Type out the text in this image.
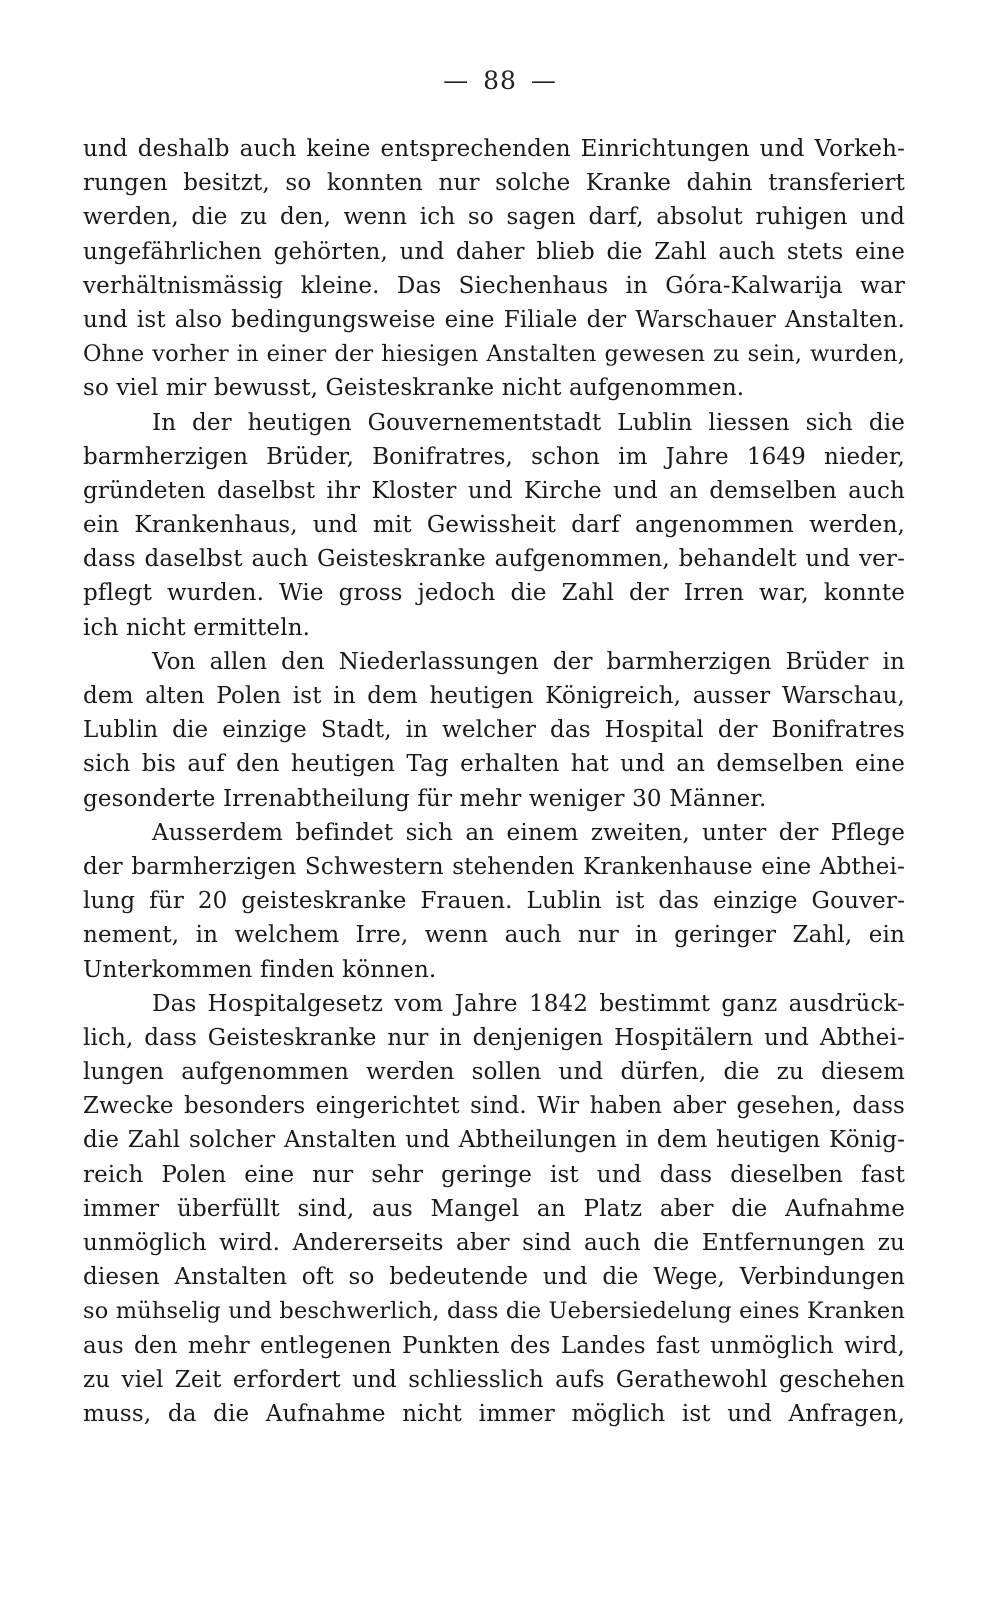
— 88 —
und deshalb auch keine entsprechenden Einrichtungen und Vorkeh-
rungen besitzt, so konnten nur solche Kranke dahin transferiert
werden, die zu den, wenn ich so sagen darf, absolut ruhigen und
ungefährlichen gehörten, und daher blieb die Zahl auch stets eine
verhältnismässig kleine. Das Siechenhaus in Góra-Kalwarija war
und ist also bedingungsweise eine Filiale der Warschauer Anstalten.
Ohne vorher in einer der hiesigen Anstalten gewesen zu sein, wurden,
so viel mir bewusst, Geisteskranke nicht aufgenommen.
In der heutigen Gouvernementstadt Lublin liessen sich die
barmherzigen Brüder, Bonifratres, schon im Jahre 1649 nieder,
gründeten daselbst ihr Kloster und Kirche und an demselben auch
ein Krankenhaus, und mit Gewissheit darf angenommen werden,
dass daselbst auch Geisteskranke aufgenommen, behandelt und ver-
pflegt wurden. Wie gross jedoch die Zahl der Irren war, konnte
ich nicht ermitteln.
Von allen den Niederlassungen der barmherzigen Brüder in
dem alten Polen ist in dem heutigen Königreich, ausser Warschau,
Lublin die einzige Stadt, in welcher das Hospital der Bonifratres
sich bis auf den heutigen Tag erhalten hat und an demselben eine
gesonderte Irrenabtheilung für mehr weniger 30 Männer.
Ausserdem befindet sich an einem zweiten, unter der Pflege
der barmherzigen Schwestern stehenden Krankenhause eine Abthei-
lung für 20 geisteskranke Frauen. Lublin ist das einzige Gouver-
nement, in welchem Irre, wenn auch nur in geringer Zahl, ein
Unterkommen finden können.
Das Hospitalgesetz vom Jahre 1842 bestimmt ganz ausdrück-
lich, dass Geisteskranke nur in denjenigen Hospitälern und Abthei-
lungen aufgenommen werden sollen und dürfen, die zu diesem
Zwecke besonders eingerichtet sind. Wir haben aber gesehen, dass
die Zahl solcher Anstalten und Abtheilungen in dem heutigen König-
reich Polen eine nur sehr geringe ist und dass dieselben fast
immer überfüllt sind, aus Mangel an Platz aber die Aufnahme
unmöglich wird. Andererseits aber sind auch die Entfernungen zu
diesen Anstalten oft so bedeutende und die Wege, Verbindungen
so mühselig und beschwerlich, dass die Uebersiedelung eines Kranken
aus den mehr entlegenen Punkten des Landes fast unmöglich wird,
zu viel Zeit erfordert und schliesslich aufs Gerathewohl geschehen
muss, da die Aufnahme nicht immer möglich ist und Anfragen,
